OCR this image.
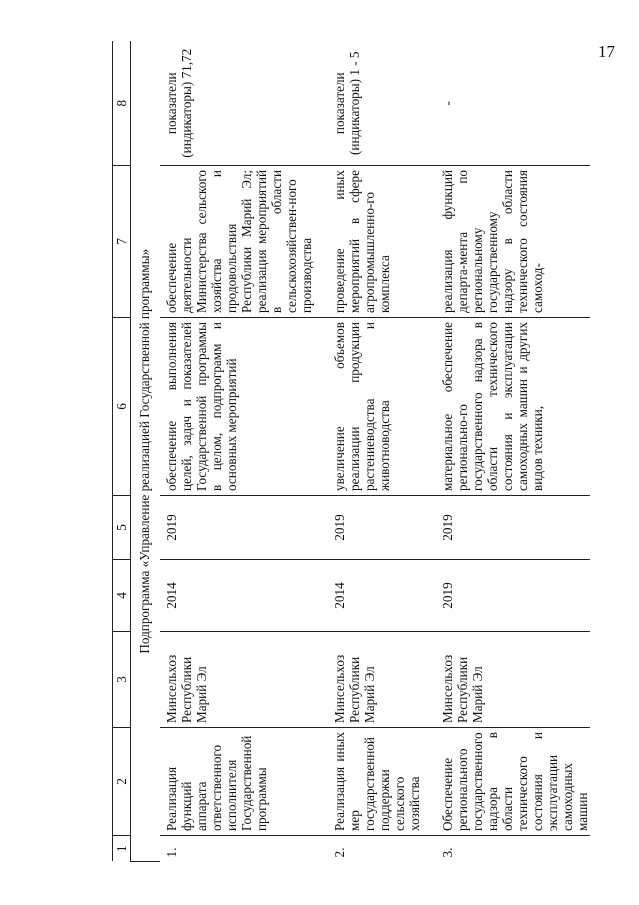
17
1	2	3	4	5	6	7	8
Подпрограмма «Управление реализацией Государственной программы»							
1.	Реализация функций аппарата ответственного исполнителя Государственной программы	Минсельхоз Республики Марий Эл	2014	2019	обеспечение выполнения целей, задач и показателей Государственной программы в целом, подпрограмм и основных мероприятий	обеспечение деятельности Министерства сельского хозяйства и продовольствия Республики Марий Эл; реализация мероприятий в области сельскохозяйствен-ного производства	показатели (индикаторы) 71,72
2.	Реализация иных мер государственной поддержки сельского хозяйства	Минсельхоз Республики Марий Эл	2014	2019	увеличение объемов реализации продукции растениеводства и животноводства	проведение иных мероприятий в сфере агропромышленно-го комплекса	показатели (индикаторы) 1 - 5
3.	Обеспечение регионального государственного надзора в области технического состояния и эксплуатации самоходных машин	Минсельхоз Республики Марий Эл	2019	2019	материальное обеспечение регионально-го государственного надзора в области технического состояния и эксплуатации самоходных машин и других видов техники,	реализация функций департа-мента по региональному государственному надзору в области технического состояния самоход-	-
